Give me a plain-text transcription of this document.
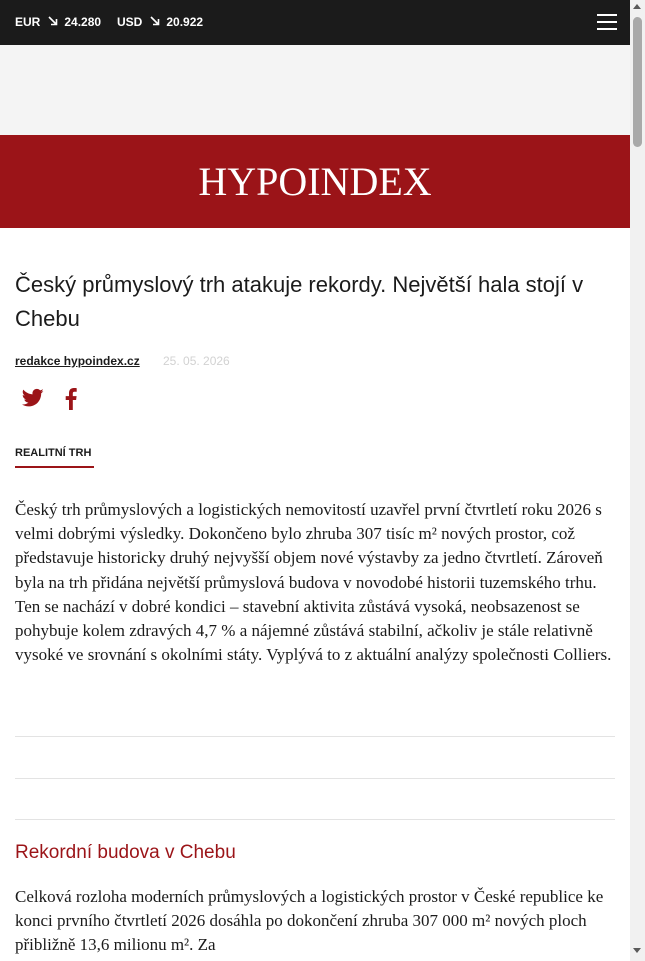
EUR 24.280 USD 20.922
HYPOINDEX
Český průmyslový trh atakuje rekordy. Největší hala stojí v Chebu
redakce hypoindex.cz 25. 05. 2026
REALITNÍ TRH

Český trh průmyslových a logistických nemovitostí uzavřel první čtvrtletí roku 2026 s velmi dobrými výsledky. Dokončeno bylo zhruba 307 tisíc m² nových prostor, což představuje historicky druhý nejvyšší objem nové výstavby za jedno čtvrtletí. Zároveň byla na trh přidána největší průmyslová budova v novodobé historii tuzemského trhu. Ten se nachází v dobré kondici – stavební aktivita zůstává vysoká, neobsazenost se pohybuje kolem zdravých 4,7 % a nájemné zůstává stabilní, ačkoliv je stále relativně vysoké ve srovnání s okolními státy. Vyplývá to z aktuální analýzy společnosti Colliers.

Rekordní budova v Chebu

Celková rozloha moderních průmyslových a logistických prostor v České republice ke konci prvního čtvrtletí 2026 dosáhla po dokončení zhruba 307 000 m² nových ploch přibližně 13,6 milionu m². Za
